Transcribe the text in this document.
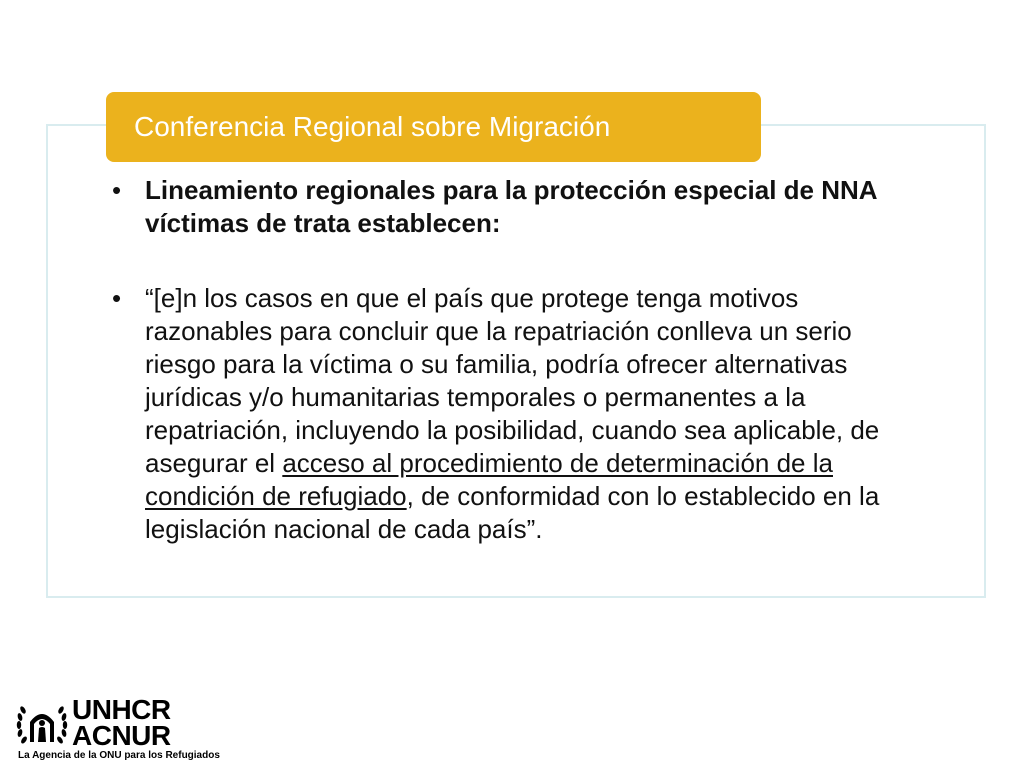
Conferencia Regional sobre Migración
• Lineamiento regionales para la protección especial de NNA víctimas de trata establecen:
• “[e]n los casos en que el país que protege tenga motivos razonables para concluir que la repatriación conlleva un serio riesgo para la víctima o su familia, podría ofrecer alternativas jurídicas y/o humanitarias temporales o permanentes a la repatriación, incluyendo la posibilidad, cuando sea aplicable, de asegurar el acceso al procedimiento de determinación de la condición de refugiado, de conformidad con lo establecido en la legislación nacional de cada país”.
UNHCR
ACNUR
La Agencia de la ONU para los Refugiados
